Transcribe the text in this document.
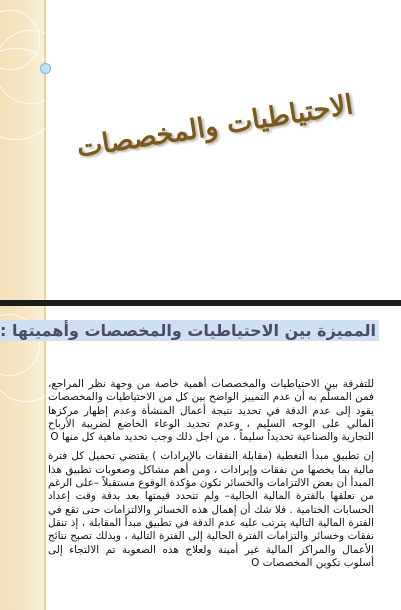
الاحتياطيات والمخصصات
المميزة بين الاحتياطيات والمخصصات وأهميتها :

للتفرقة بين الاحتياطيات والمخصصات أهمية خاصة من وجهة نظر المراجع، فمن المسلّم به أن عدم التمييز الواضح بين كل من الاحتياطيات والمخصصات يقود إلى عدم الدقة في تحديد نتيجة أعمال المنشأة وعدم إظهار مركزها المالي على الوجه السليم ، وعدم تحديد الوعاء الخاضع لضريبة الأرباح التجارية والصناعية تحديداً سليماً . من اجل ذلك وجب تحديد ماهية كل منها O

إن تطبيق مبدأ التغطية (مقابلة النفقات بالإيرادات ) يقتضي تحميل كل فترة مالية بما يخصها من نفقات وإيرادات ، ومن أهم مشاكل وصعوبات تطبيق هذا المبدأ أن بعض الالتزامات والخسائر تكون مؤكدة الوقوع مستقبلاً –على الرغم من تعلقها بالفترة المالية الحالية– ولم تتحدد قيمتها بعد بدقة وقت إعداد الحسابات الختامية . فلا شك أن إهمال هذه الخسائر والالتزامات حتى تقع في الفترة المالية التالية يترتب عليه عدم الدقة في تطبيق مبدأ المقابلة ، إذ تنقل نفقات وخسائر والتزامات الفترة الحالية إلى الفترة التالية ، وبذلك تصبح نتائج الأعمال والمراكز المالية غير أمينة ولعلاج هذه الصعوبة تم الالتجاء إلى أسلوب تكوين المخصصات O
